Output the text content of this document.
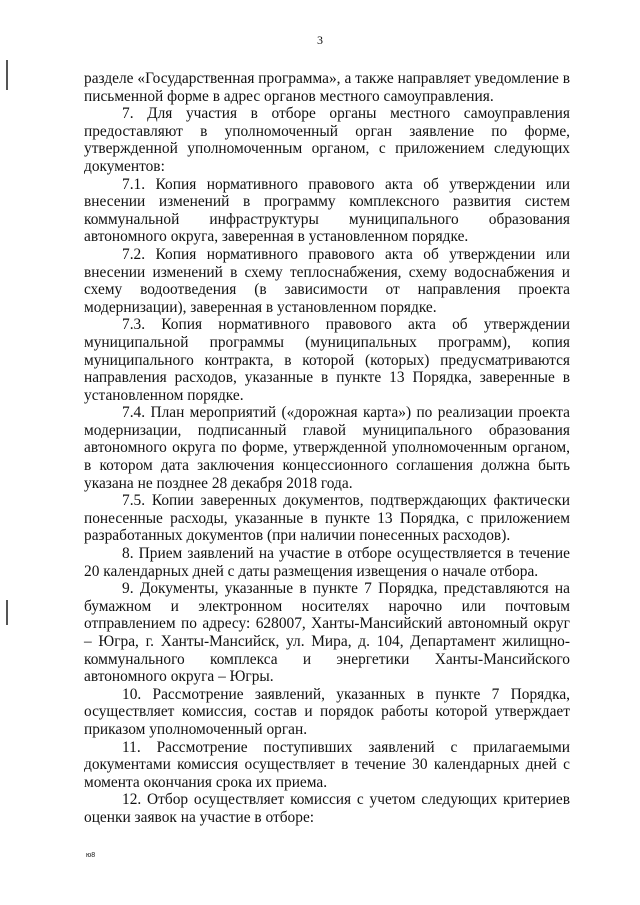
3

разделе «Государственная программа», а также направляет уведомление в письменной форме в адрес органов местного самоуправления.

7. Для участия в отборе органы местного самоуправления предоставляют в уполномоченный орган заявление по форме, утвержденной уполномоченным органом, с приложением следующих документов:

7.1. Копия нормативного правового акта об утверждении или внесении изменений в программу комплексного развития систем коммунальной инфраструктуры муниципального образования автономного округа, заверенная в установленном порядке.

7.2. Копия нормативного правового акта об утверждении или внесении изменений в схему теплоснабжения, схему водоснабжения и схему водоотведения (в зависимости от направления проекта модернизации), заверенная в установленном порядке.

7.3. Копия нормативного правового акта об утверждении муниципальной программы (муниципальных программ), копия муниципального контракта, в которой (которых) предусматриваются направления расходов, указанные в пункте 13 Порядка, заверенные в установленном порядке.

7.4. План мероприятий («дорожная карта») по реализации проекта модернизации, подписанный главой муниципального образования автономного округа по форме, утвержденной уполномоченным органом, в котором дата заключения концессионного соглашения должна быть указана не позднее 28 декабря 2018 года.

7.5. Копии заверенных документов, подтверждающих фактически понесенные расходы, указанные в пункте 13 Порядка, с приложением разработанных документов (при наличии понесенных расходов).

8. Прием заявлений на участие в отборе осуществляется в течение 20 календарных дней с даты размещения извещения о начале отбора.

9. Документы, указанные в пункте 7 Порядка, представляются на бумажном и электронном носителях нарочно или почтовым отправлением по адресу: 628007, Ханты-Мансийский автономный округ – Югра, г. Ханты-Мансийск, ул. Мира, д. 104, Департамент жилищно-коммунального комплекса и энергетики Ханты-Мансийского автономного округа – Югры.

10. Рассмотрение заявлений, указанных в пункте 7 Порядка, осуществляет комиссия, состав и порядок работы которой утверждает приказом уполномоченный орган.

11. Рассмотрение поступивших заявлений с прилагаемыми документами комиссия осуществляет в течение 30 календарных дней с момента окончания срока их приема.

12. Отбор осуществляет комиссия с учетом следующих критериев оценки заявок на участие в отборе:

ю8
